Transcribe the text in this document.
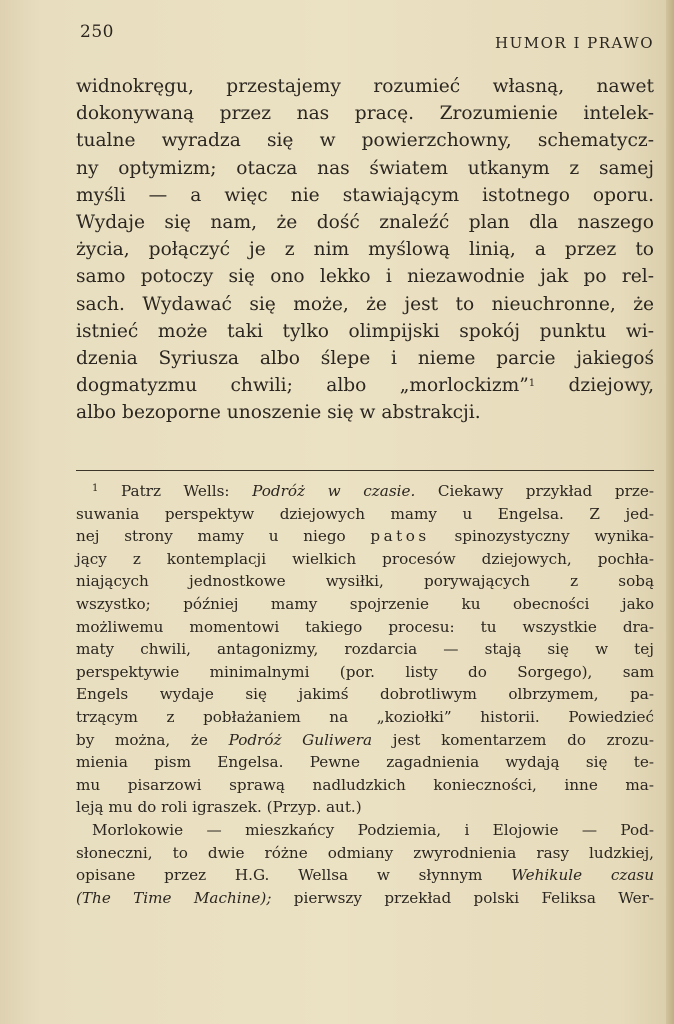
250
HUMOR I PRAWO
widnokręgu, przestajemy rozumieć własną, nawet
dokonywaną przez nas pracę. Zrozumienie intelek-
tualne wyradza się w powierzchowny, schematycz-
ny optymizm; otacza nas światem utkanym z samej
myśli — a więc nie stawiającym istotnego oporu.
Wydaje się nam, że dość znaleźć plan dla naszego
życia, połączyć je z nim myślową linią, a przez to
samo potoczy się ono lekko i niezawodnie jak po rel-
sach. Wydawać się może, że jest to nieuchronne, że
istnieć może taki tylko olimpijski spokój punktu wi-
dzenia Syriusza albo ślepe i nieme parcie jakiegoś
dogmatyzmu chwili; albo „morlockizm”$^1$ dziejowy,
albo bezoporne unoszenie się w abstrakcji.
$^1$ Patrz Wells: Podróż w czasie. Ciekawy przykład prze-
suwania perspektyw dziejowych mamy u Engelsa. Z jed-
nej strony mamy u niego patos spinozystyczny wynika-
jący z kontemplacji wielkich procesów dziejowych, pochła-
niających jednostkowe wysiłki, porywających z sobą
wszystko; później mamy spojrzenie ku obecności jako
możliwemu momentowi takiego procesu: tu wszystkie dra-
maty chwili, antagonizmy, rozdarcia — stają się w tej
perspektywie minimalnymi (por. listy do Sorgego), sam
Engels wydaje się jakimś dobrotliwym olbrzymem, pa-
trzącym z pobłażaniem na „koziołki” historii. Powiedzieć
by można, że Podróż Guliwera jest komentarzem do zrozu-
mienia pism Engelsa. Pewne zagadnienia wydają się te-
mu pisarzowi sprawą nadludzkich konieczności, inne ma-
leją mu do roli igraszek. (Przyp. aut.)
Morlokowie — mieszkańcy Podziemia, i Elojowie — Pod-
słoneczni, to dwie różne odmiany zwyrodnienia rasy ludzkiej,
opisane przez H.G. Wellsa w słynnym Wehikule czasu
(The Time Machine); pierwszy przekład polski Feliksa Wer-
